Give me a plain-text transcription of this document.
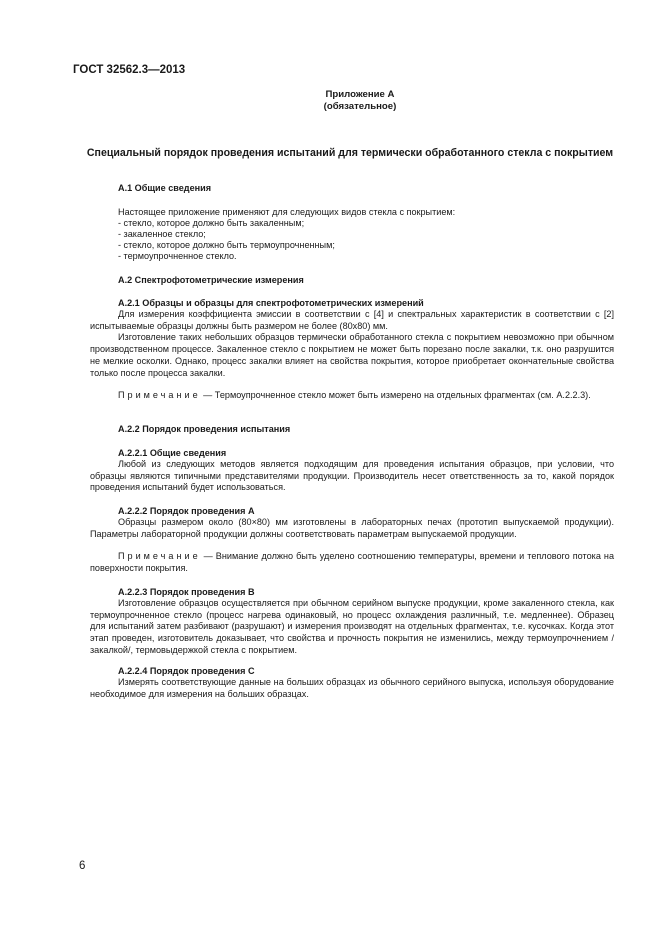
ГОСТ 32562.3—2013
Приложение А
(обязательное)
Специальный порядок проведения испытаний для термически обработанного стекла с покрытием
А.1 Общие сведения
Настоящее приложение применяют для следующих видов стекла с покрытием:
- стекло, которое должно быть закаленным;
- закаленное стекло;
- стекло, которое должно быть термоупрочненным;
- термоупрочненное стекло.
А.2 Спектрофотометрические измерения
А.2.1 Образцы и образцы для спектрофотометрических измерений

Для измерения коэффициента эмиссии в соответствии с [4] и спектральных характеристик в соответствии с [2] испытываемые образцы должны быть размером не более (80х80) мм.

Изготовление таких небольших образцов термически обработанного стекла с покрытием невозможно при обычном производственном процессе. Закаленное стекло с покрытием не может быть порезано после закалки, т.к. оно разрушится не мелкие осколки. Однако, процесс закалки влияет на свойства покрытия, которое приобретает окончательные свойства только после процесса закалки.

Примечание — Термоупрочненное стекло может быть измерено на отдельных фрагментах (см. А.2.2.3).

А.2.2 Порядок проведения испытания
А.2.2.1 Общие сведения

Любой из следующих методов является подходящим для проведения испытания образцов, при условии, что образцы являются типичными представителями продукции. Производитель несет ответственность за то, какой порядок проведения испытаний будет использоваться.

А.2.2.2 Порядок проведения А

Образцы размером около (80×80) мм изготовлены в лабораторных печах (прототип выпускаемой продукции). Параметры лабораторной продукции должны соответствовать параметрам выпускаемой продукции.

Примечание — Внимание должно быть уделено соотношению температуры, времени и теплового потока на поверхности покрытия.

А.2.2.3 Порядок проведения В

Изготовление образцов осуществляется при обычном серийном выпуске продукции, кроме закаленного стекла, как термоупрочненное стекло (процесс нагрева одинаковый, но процесс охлаждения различный, т.е. медленнее). Образец для испытаний затем разбивают (разрушают) и измерения производят на отдельных фрагментах, т.е. кусочках. Когда этот этап проведен, изготовитель доказывает, что свойства и прочность покрытия не изменились, между термоупрочнением /закалкой/, термовыдержкой стекла с покрытием.

А.2.2.4 Порядок проведения С

Измерять соответствующие данные на больших образцах из обычного серийного выпуска, используя оборудование необходимое для измерения на больших образцах.

6
